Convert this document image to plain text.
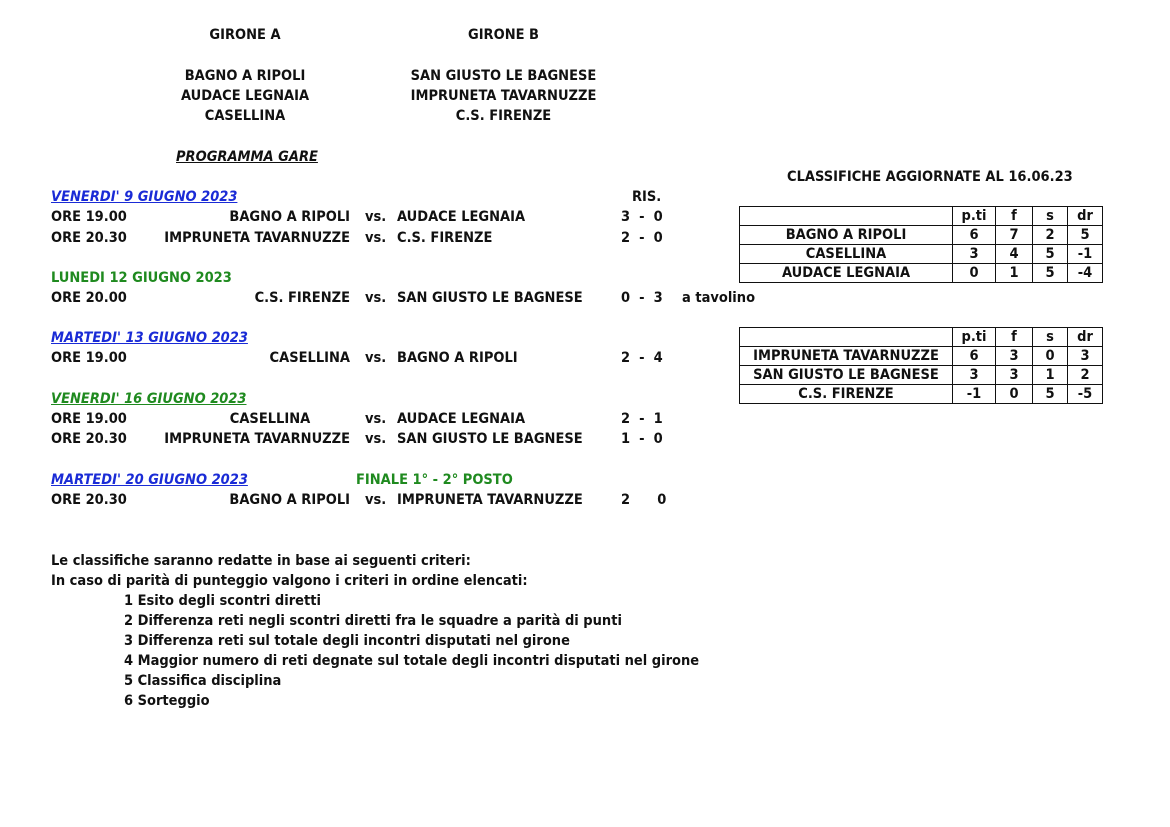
GIRONE A
BAGNO A RIPOLI
AUDACE LEGNAIA
CASELLINA
GIRONE B
SAN GIUSTO LE BAGNESE
IMPRUNETA TAVARNUZZE
C.S. FIRENZE
PROGRAMMA GARE
VENERDI' 9 GIUGNO 2023	RIS.
ORE 19.00	BAGNO A RIPOLI vs. AUDACE LEGNAIA	3  -  0
ORE 20.30	IMPRUNETA TAVARNUZZE vs. C.S. FIRENZE	2  -  0
LUNEDI 12 GIUGNO 2023
ORE 20.00	C.S. FIRENZE vs. SAN GIUSTO LE BAGNESE	0  -  3 a tavolino
MARTEDI' 13 GIUGNO 2023
ORE 19.00	CASELLINA vs. BAGNO A RIPOLI	2  -  4
VENERDI' 16 GIUGNO 2023
ORE 19.00	CASELLINA	vs. AUDACE LEGNAIA	2  -  1
ORE 20.30	IMPRUNETA TAVARNUZZE vs. SAN GIUSTO LE BAGNESE	1  -  0
MARTEDI' 20 GIUGNO 2023	FINALE 1° - 2° POSTO
ORE 20.30	BAGNO A RIPOLI vs. IMPRUNETA TAVARNUZZE	2      0
CLASSIFICHE AGGIORNATE AL 16.06.23
	p.ti	f	s	dr
BAGNO A RIPOLI	6	7	2	5
CASELLINA	3	4	5	-1
AUDACE LEGNAIA	0	1	5	-4
	p.ti	f	s	dr
IMPRUNETA TAVARNUZZE	6	3	0	3
SAN GIUSTO LE BAGNESE	3	3	1	2
C.S. FIRENZE	-1	0	5	-5
Le classifiche saranno redatte in base ai seguenti criteri:
In caso di parità di punteggio valgono i criteri in ordine elencati:
1 Esito degli scontri diretti
2 Differenza reti negli scontri diretti fra le squadre a parità di punti
3 Differenza reti sul totale degli incontri disputati nel girone
4 Maggior numero di reti degnate sul totale degli incontri disputati nel girone
5 Classifica disciplina
6 Sorteggio
